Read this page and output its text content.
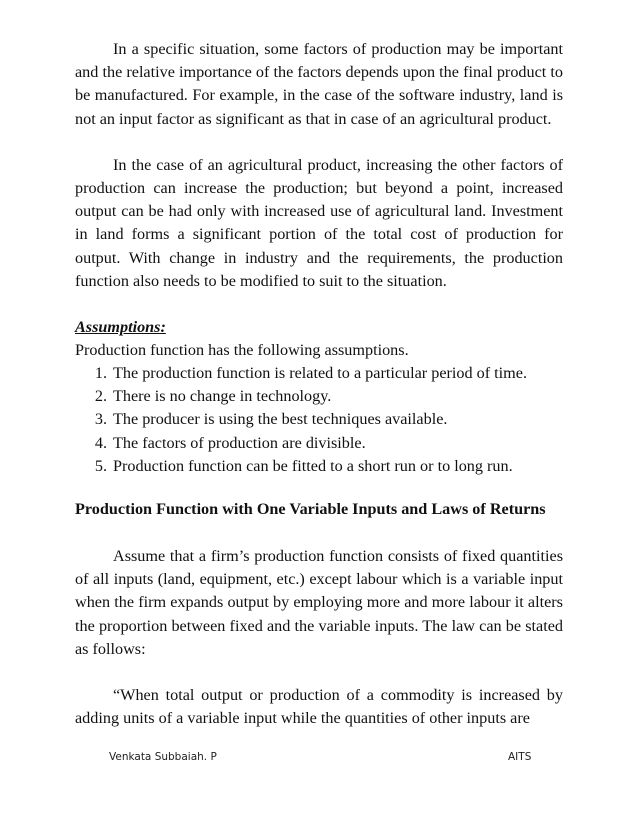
In a specific situation, some factors of production may be important and the relative importance of the factors depends upon the final product to be manufactured. For example, in the case of the software industry, land is not an input factor as significant as that in case of an agricultural product.

In the case of an agricultural product, increasing the other factors of production can increase the production; but beyond a point, increased output can be had only with increased use of agricultural land. Investment in land forms a significant portion of the total cost of production for output. With change in industry and the requirements, the production function also needs to be modified to suit to the situation.

Assumptions:

Production function has the following assumptions.

1. The production function is related to a particular period of time.
2. There is no change in technology.
3. The producer is using the best techniques available.
4. The factors of production are divisible.
5. Production function can be fitted to a short run or to long run.

Production Function with One Variable Inputs and Laws of Returns

Assume that a firm’s production function consists of fixed quantities of all inputs (land, equipment, etc.) except labour which is a variable input when the firm expands output by employing more and more labour it alters the proportion between fixed and the variable inputs. The law can be stated as follows:

“When total output or production of a commodity is increased by adding units of a variable input while the quantities of other inputs are

Venkata Subbaiah. P	AITS
